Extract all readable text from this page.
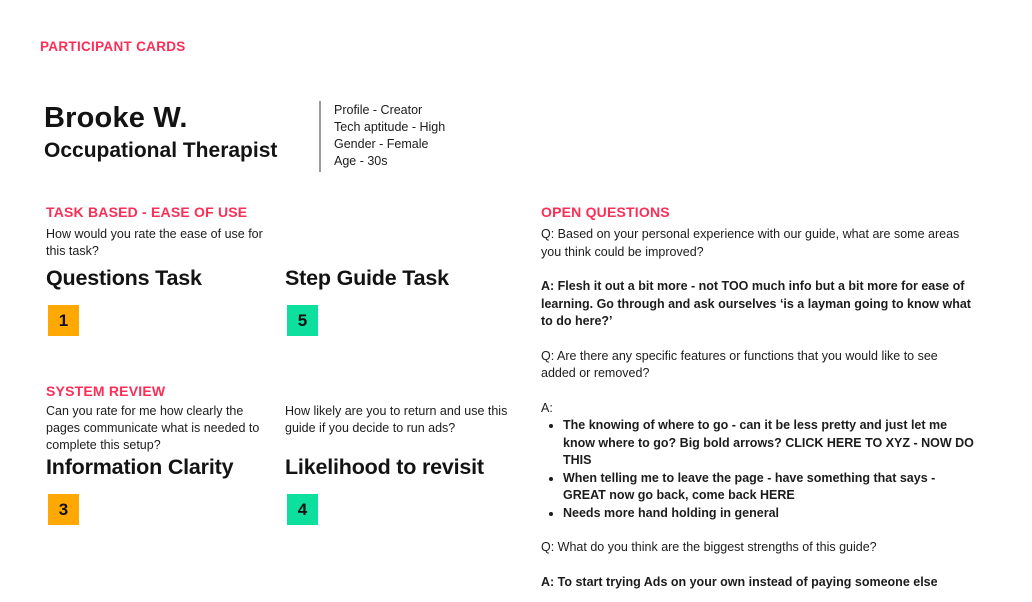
PARTICIPANT CARDS
Brooke W.
Occupational Therapist
Profile - Creator
Tech aptitude - High
Gender - Female
Age - 30s
TASK BASED - EASE OF USE
How would you rate the ease of use for this task?
Questions Task
1
Step Guide Task
5
SYSTEM REVIEW
Can you rate for me how clearly the pages communicate what is needed to complete this setup?
How likely are you to return and use this guide if you decide to run ads?
Information Clarity
3
Likelihood to revisit
4
OPEN QUESTIONS

Q: Based on your personal experience with our guide, what are some areas you think could be improved?

A: Flesh it out a bit more - not TOO much info but a bit more for ease of learning. Go through and ask ourselves ‘is a layman going to know what to do here?’

Q: Are there any specific features or functions that you would like to see added or removed?

A:

• The knowing of where to go - can it be less pretty and just let me know where to go? Big bold arrows? CLICK HERE TO XYZ - NOW DO THIS
• When telling me to leave the page - have something that says - GREAT now go back, come back HERE
• Needs more hand holding in general

Q: What do you think are the biggest strengths of this guide?

A: To start trying Ads on your own instead of paying someone else
